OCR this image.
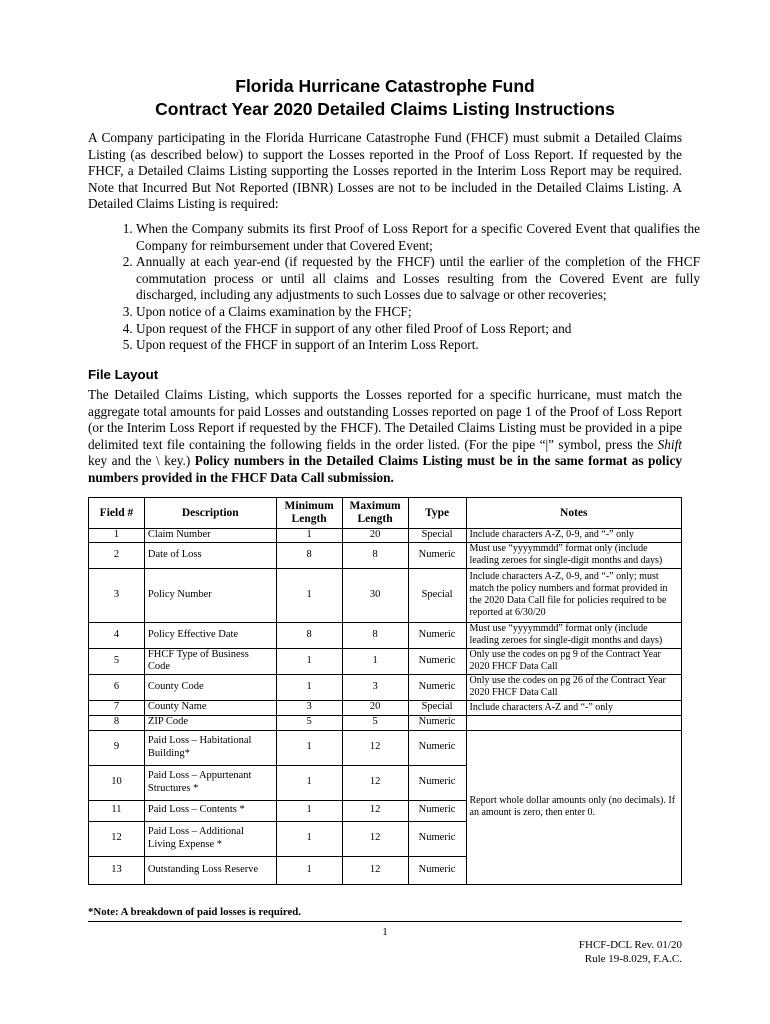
Florida Hurricane Catastrophe Fund
Contract Year 2020 Detailed Claims Listing Instructions
A Company participating in the Florida Hurricane Catastrophe Fund (FHCF) must submit a Detailed Claims Listing (as described below) to support the Losses reported in the Proof of Loss Report. If requested by the FHCF, a Detailed Claims Listing supporting the Losses reported in the Interim Loss Report may be required. Note that Incurred But Not Reported (IBNR) Losses are not to be included in the Detailed Claims Listing. A Detailed Claims Listing is required:
1. When the Company submits its first Proof of Loss Report for a specific Covered Event that qualifies the Company for reimbursement under that Covered Event;
2. Annually at each year-end (if requested by the FHCF) until the earlier of the completion of the FHCF commutation process or until all claims and Losses resulting from the Covered Event are fully discharged, including any adjustments to such Losses due to salvage or other recoveries;
3. Upon notice of a Claims examination by the FHCF;
4. Upon request of the FHCF in support of any other filed Proof of Loss Report; and
5. Upon request of the FHCF in support of an Interim Loss Report.
File Layout
The Detailed Claims Listing, which supports the Losses reported for a specific hurricane, must match the aggregate total amounts for paid Losses and outstanding Losses reported on page 1 of the Proof of Loss Report (or the Interim Loss Report if requested by the FHCF). The Detailed Claims Listing must be provided in a pipe delimited text file containing the following fields in the order listed. (For the pipe “|” symbol, press the Shift key and the \ key.) Policy numbers in the Detailed Claims Listing must be in the same format as policy numbers provided in the FHCF Data Call submission.
Field #	Description	Minimum Length	Maximum Length	Type	Notes
1	Claim Number	1	20	Special	Include characters A-Z, 0-9, and “-” only
2	Date of Loss	8	8	Numeric	Must use “yyyymmdd” format only (include leading zeroes for single-digit months and days)
3	Policy Number	1	30	Special	Include characters A-Z, 0-9, and “-” only; must match the policy numbers and format provided in the 2020 Data Call file for policies required to be reported at 6/30/20
4	Policy Effective Date	8	8	Numeric	Must use “yyyymmdd” format only (include leading zeroes for single-digit months and days)
5	FHCF Type of Business Code	1	1	Numeric	Only use the codes on pg 9 of the Contract Year 2020 FHCF Data Call
6	County Code	1	3	Numeric	Only use the codes on pg 26 of the Contract Year 2020 FHCF Data Call
7	County Name	3	20	Special	Include characters A-Z and “-” only
8	ZIP Code	5	5	Numeric	
9	Paid Loss – Habitational Building*	1	12	Numeric	Report whole dollar amounts only (no decimals). If an amount is zero, then enter 0.
10	Paid Loss – Appurtenant Structures *	1	12	Numeric	
11	Paid Loss – Contents *	1	12	Numeric	
12	Paid Loss – Additional Living Expense *	1	12	Numeric	
13	Outstanding Loss Reserve	1	12	Numeric	
*Note: A breakdown of paid losses is required.
1
FHCF-DCL Rev. 01/20
Rule 19-8.029, F.A.C.
